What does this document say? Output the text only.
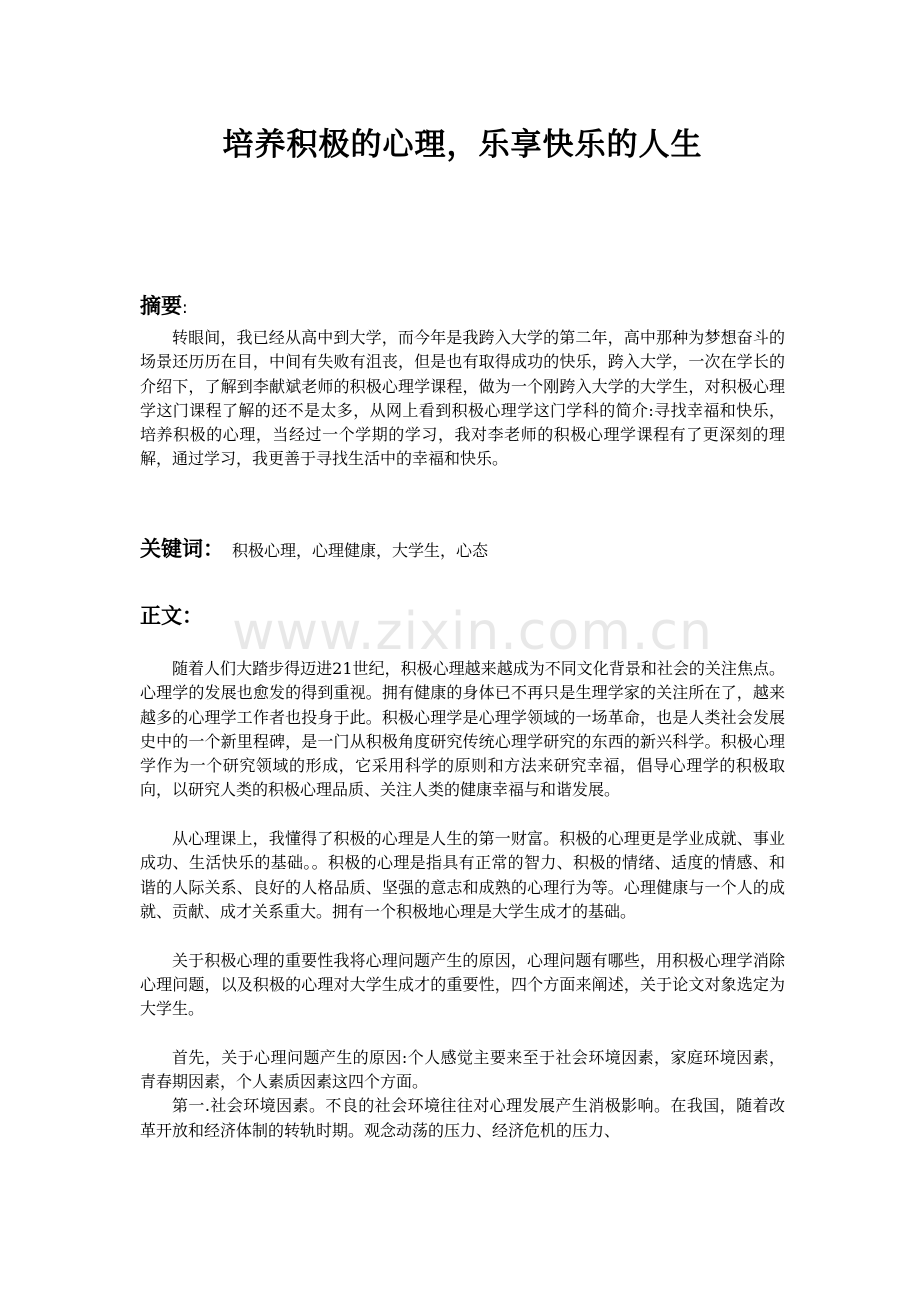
培养积极的心理，乐享快乐的人生
摘要:

转眼间，我已经从高中到大学，而今年是我跨入大学的第二年，高中那种为梦想奋斗的场景还历历在目，中间有失败有沮丧，但是也有取得成功的快乐，跨入大学，一次在学长的介绍下，了解到李献斌老师的积极心理学课程，做为一个刚跨入大学的大学生，对积极心理学这门课程了解的还不是太多，从网上看到积极心理学这门学科的简介:寻找幸福和快乐，培养积极的心理，当经过一个学期的学习，我对李老师的积极心理学课程有了更深刻的理解，通过学习，我更善于寻找生活中的幸福和快乐。

关键词： 积极心理，心理健康，大学生，心态
正文：

随着人们大踏步得迈进21世纪，积极心理越来越成为不同文化背景和社会的关注焦点。心理学的发展也愈发的得到重视。拥有健康的身体已不再只是生理学家的关注所在了，越来越多的心理学工作者也投身于此。积极心理学是心理学领域的一场革命，也是人类社会发展史中的一个新里程碑，是一门从积极角度研究传统心理学研究的东西的新兴科学。积极心理学作为一个研究领域的形成，它采用科学的原则和方法来研究幸福，倡导心理学的积极取向，以研究人类的积极心理品质、关注人类的健康幸福与和谐发展。

从心理课上，我懂得了积极的心理是人生的第一财富。积极的心理更是学业成就、事业成功、生活快乐的基础。。积极的心理是指具有正常的智力、积极的情绪、适度的情感、和谐的人际关系、良好的人格品质、坚强的意志和成熟的心理行为等。心理健康与一个人的成就、贡献、成才关系重大。拥有一个积极地心理是大学生成才的基础。

关于积极心理的重要性我将心理问题产生的原因，心理问题有哪些，用积极心理学消除心理问题，以及积极的心理对大学生成才的重要性，四个方面来阐述，关于论文对象选定为大学生。

首先，关于心理问题产生的原因:个人感觉主要来至于社会环境因素，家庭环境因素，青春期因素，个人素质因素这四个方面。

第一.社会环境因素。不良的社会环境往往对心理发展产生消极影响。在我国，随着改革开放和经济体制的转轨时期。观念动荡的压力、经济危机的压力、

www.zixin.com.cn
